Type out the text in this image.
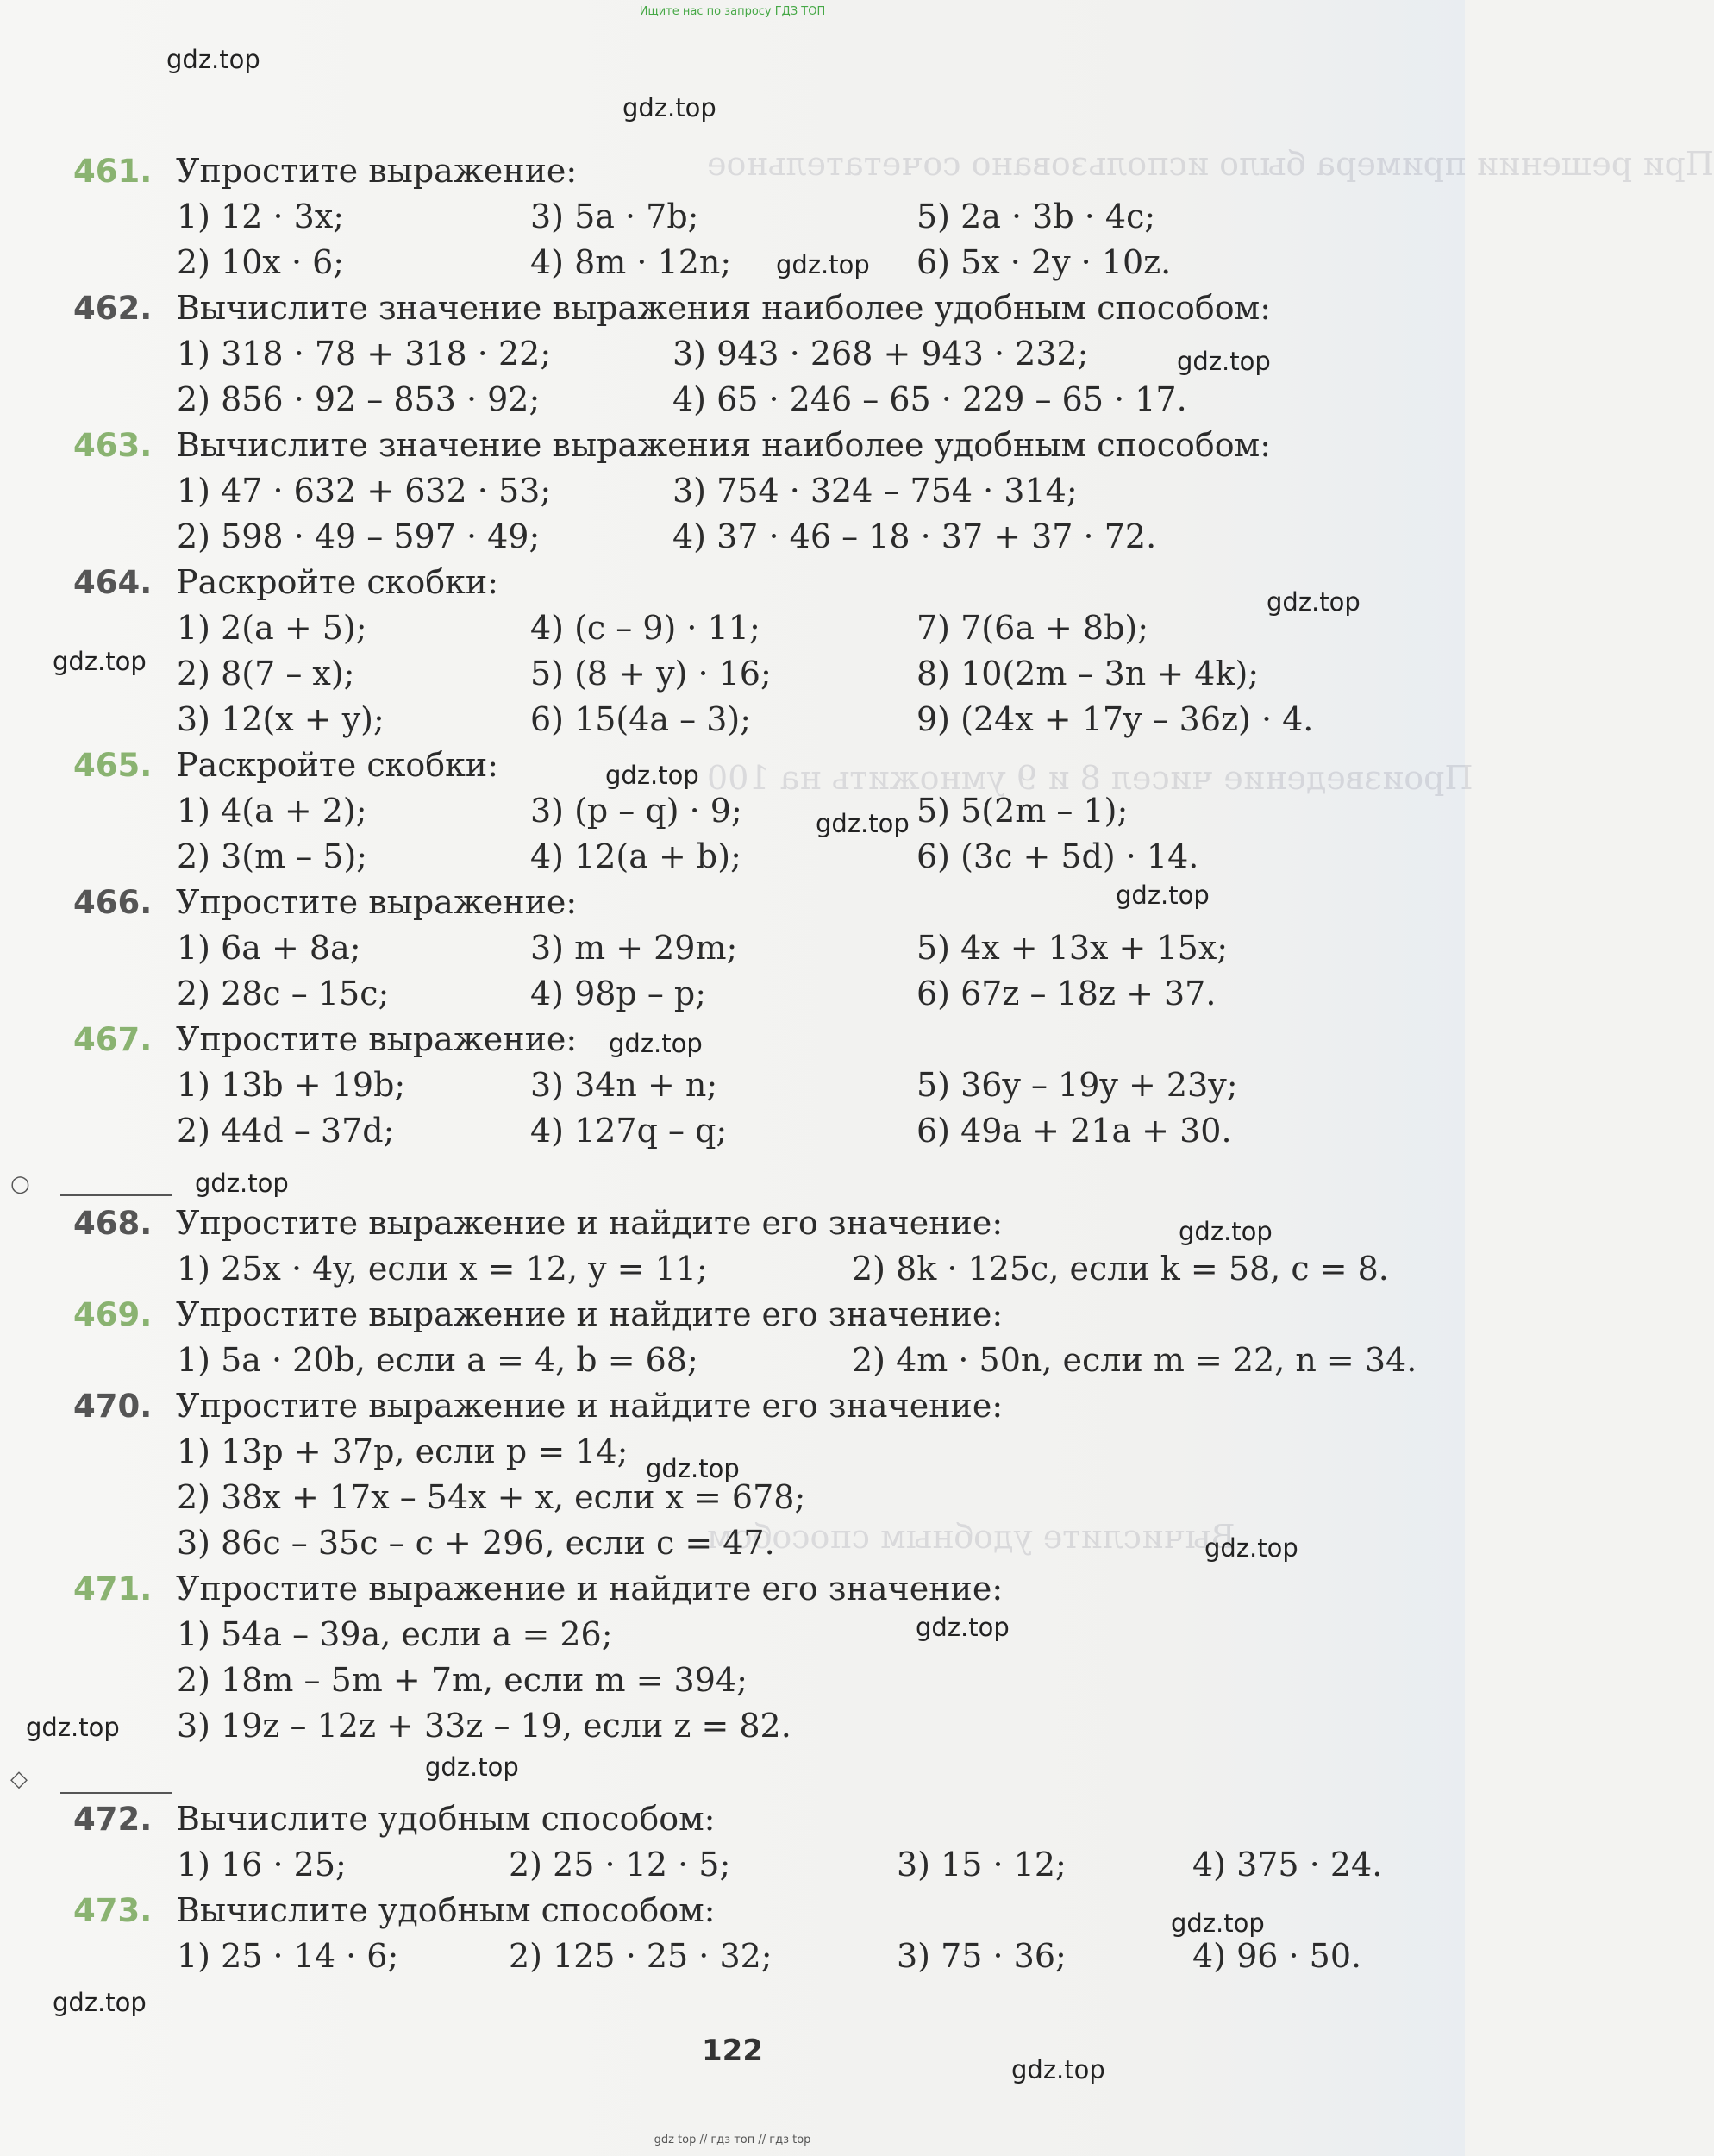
При решении примера было использовано сочетательное
Произведение чисел 8 и 9 умножить на 100
Вычислите удобным способом
Ищите нас по запросу ГДЗ ТОП
gdz.top
gdz.top
gdz.top
gdz.top
gdz.top
gdz.top
gdz.top
gdz.top
gdz.top
gdz.top
gdz.top
gdz.top
gdz.top
gdz.top
gdz.top
gdz.top
gdz.top
gdz.top
gdz.top
gdz.top
461. Упростите выражение:
1) 12 · 3x;	3) 5a · 7b;	5) 2a · 3b · 4c;
2) 10x · 6;	4) 8m · 12n;	6) 5x · 2y · 10z.
462. Вычислите значение выражения наиболее удобным способом:
1) 318 · 78 + 318 · 22;	3) 943 · 268 + 943 · 232;
2) 856 · 92 – 853 · 92;	4) 65 · 246 – 65 · 229 – 65 · 17.
463. Вычислите значение выражения наиболее удобным способом:
1) 47 · 632 + 632 · 53;	3) 754 · 324 – 754 · 314;
2) 598 · 49 – 597 · 49;	4) 37 · 46 – 18 · 37 + 37 · 72.
464. Раскройте скобки:
1) 2(a + 5);	4) (c – 9) · 11;	7) 7(6a + 8b);
2) 8(7 – x);	5) (8 + y) · 16;	8) 10(2m – 3n + 4k);
3) 12(x + y);	6) 15(4a – 3);	9) (24x + 17y – 36z) · 4.
465. Раскройте скобки:
1) 4(a + 2);	3) (p – q) · 9;	5) 5(2m – 1);
2) 3(m – 5);	4) 12(a + b);	6) (3c + 5d) · 14.
466. Упростите выражение:
1) 6a + 8a;	3) m + 29m;	5) 4x + 13x + 15x;
2) 28c – 15c;	4) 98p – p;	6) 67z – 18z + 37.
467. Упростите выражение:
1) 13b + 19b;	3) 34n + n;	5) 36y – 19y + 23y;
2) 44d – 37d;	4) 127q – q;	6) 49a + 21a + 30.
○
468. Упростите выражение и найдите его значение:
1) 25x · 4y, если x = 12, y = 11;	2) 8k · 125c, если k = 58, c = 8.
469. Упростите выражение и найдите его значение:
1) 5a · 20b, если a = 4, b = 68;	2) 4m · 50n, если m = 22, n = 34.
470. Упростите выражение и найдите его значение:
1) 13p + 37p, если p = 14;
2) 38x + 17x – 54x + x, если x = 678;
3) 86c – 35c – c + 296, если c = 47.
471. Упростите выражение и найдите его значение:
1) 54a – 39a, если a = 26;
2) 18m – 5m + 7m, если m = 394;
3) 19z – 12z + 33z – 19, если z = 82.
◇
472. Вычислите удобным способом:
1) 16 · 25;	2) 25 · 12 · 5;	3) 15 · 12;	4) 375 · 24.
473. Вычислите удобным способом:
1) 25 · 14 · 6;	2) 125 · 25 · 32;	3) 75 · 36;	4) 96 · 50.
122
gdz top // гдз топ // гдз top
